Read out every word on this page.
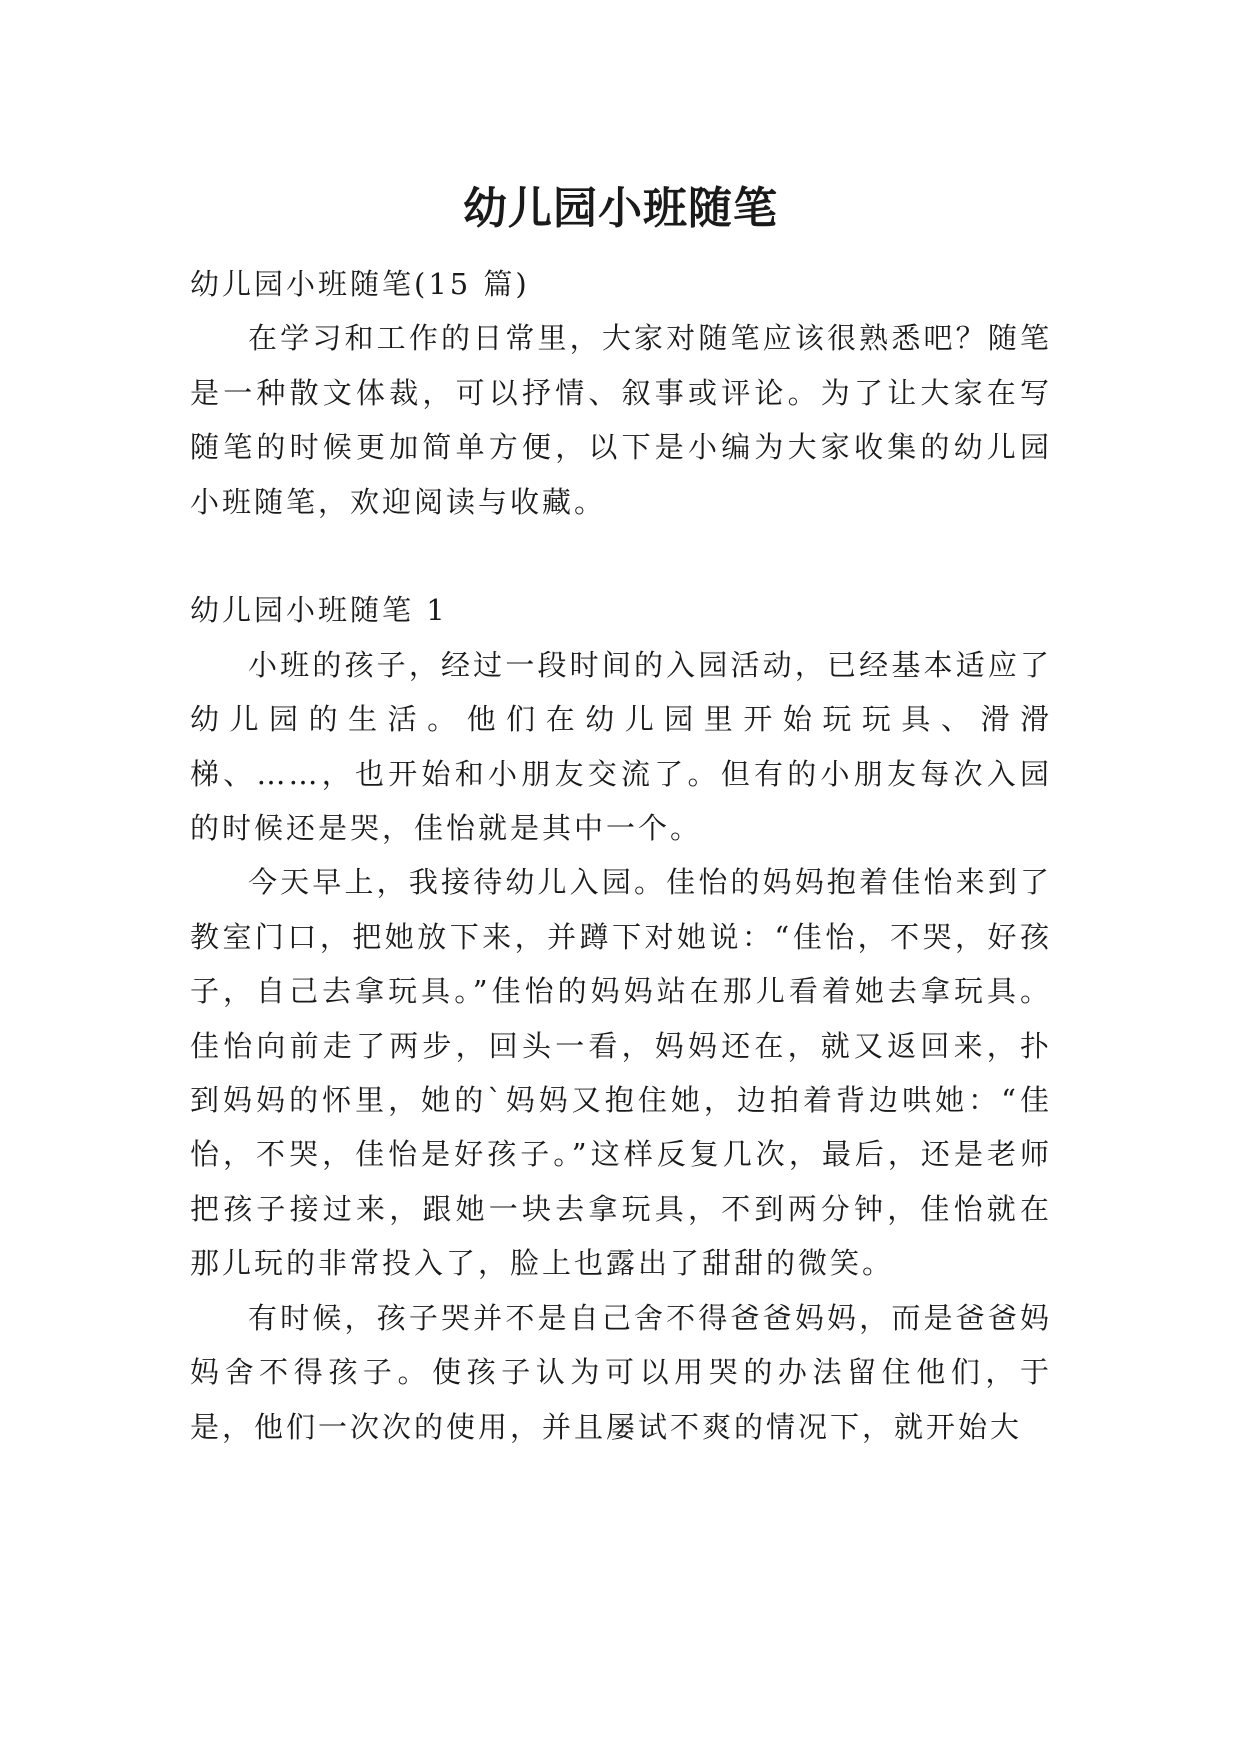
幼儿园小班随笔

幼儿园小班随笔(15 篇)

在学习和工作的日常里，大家对随笔应该很熟悉吧？随笔是一种散文体裁，可以抒情、叙事或评论。为了让大家在写随笔的时候更加简单方便，以下是小编为大家收集的幼儿园小班随笔，欢迎阅读与收藏。

幼儿园小班随笔 1

小班的孩子，经过一段时间的入园活动，已经基本适应了幼儿园的生活。他们在幼儿园里开始玩玩具、滑滑梯、……，也开始和小朋友交流了。但有的小朋友每次入园的时候还是哭，佳怡就是其中一个。

今天早上，我接待幼儿入园。佳怡的妈妈抱着佳怡来到了教室门口，把她放下来，并蹲下对她说：“佳怡，不哭，好孩子，自己去拿玩具。”佳怡的妈妈站在那儿看着她去拿玩具。佳怡向前走了两步，回头一看，妈妈还在，就又返回来，扑到妈妈的怀里，她的`妈妈又抱住她，边拍着背边哄她：“佳怡，不哭，佳怡是好孩子。”这样反复几次，最后，还是老师把孩子接过来，跟她一块去拿玩具，不到两分钟，佳怡就在那儿玩的非常投入了，脸上也露出了甜甜的微笑。

有时候，孩子哭并不是自己舍不得爸爸妈妈，而是爸爸妈妈舍不得孩子。使孩子认为可以用哭的办法留住他们，于是，他们一次次的使用，并且屡试不爽的情况下，就开始大
